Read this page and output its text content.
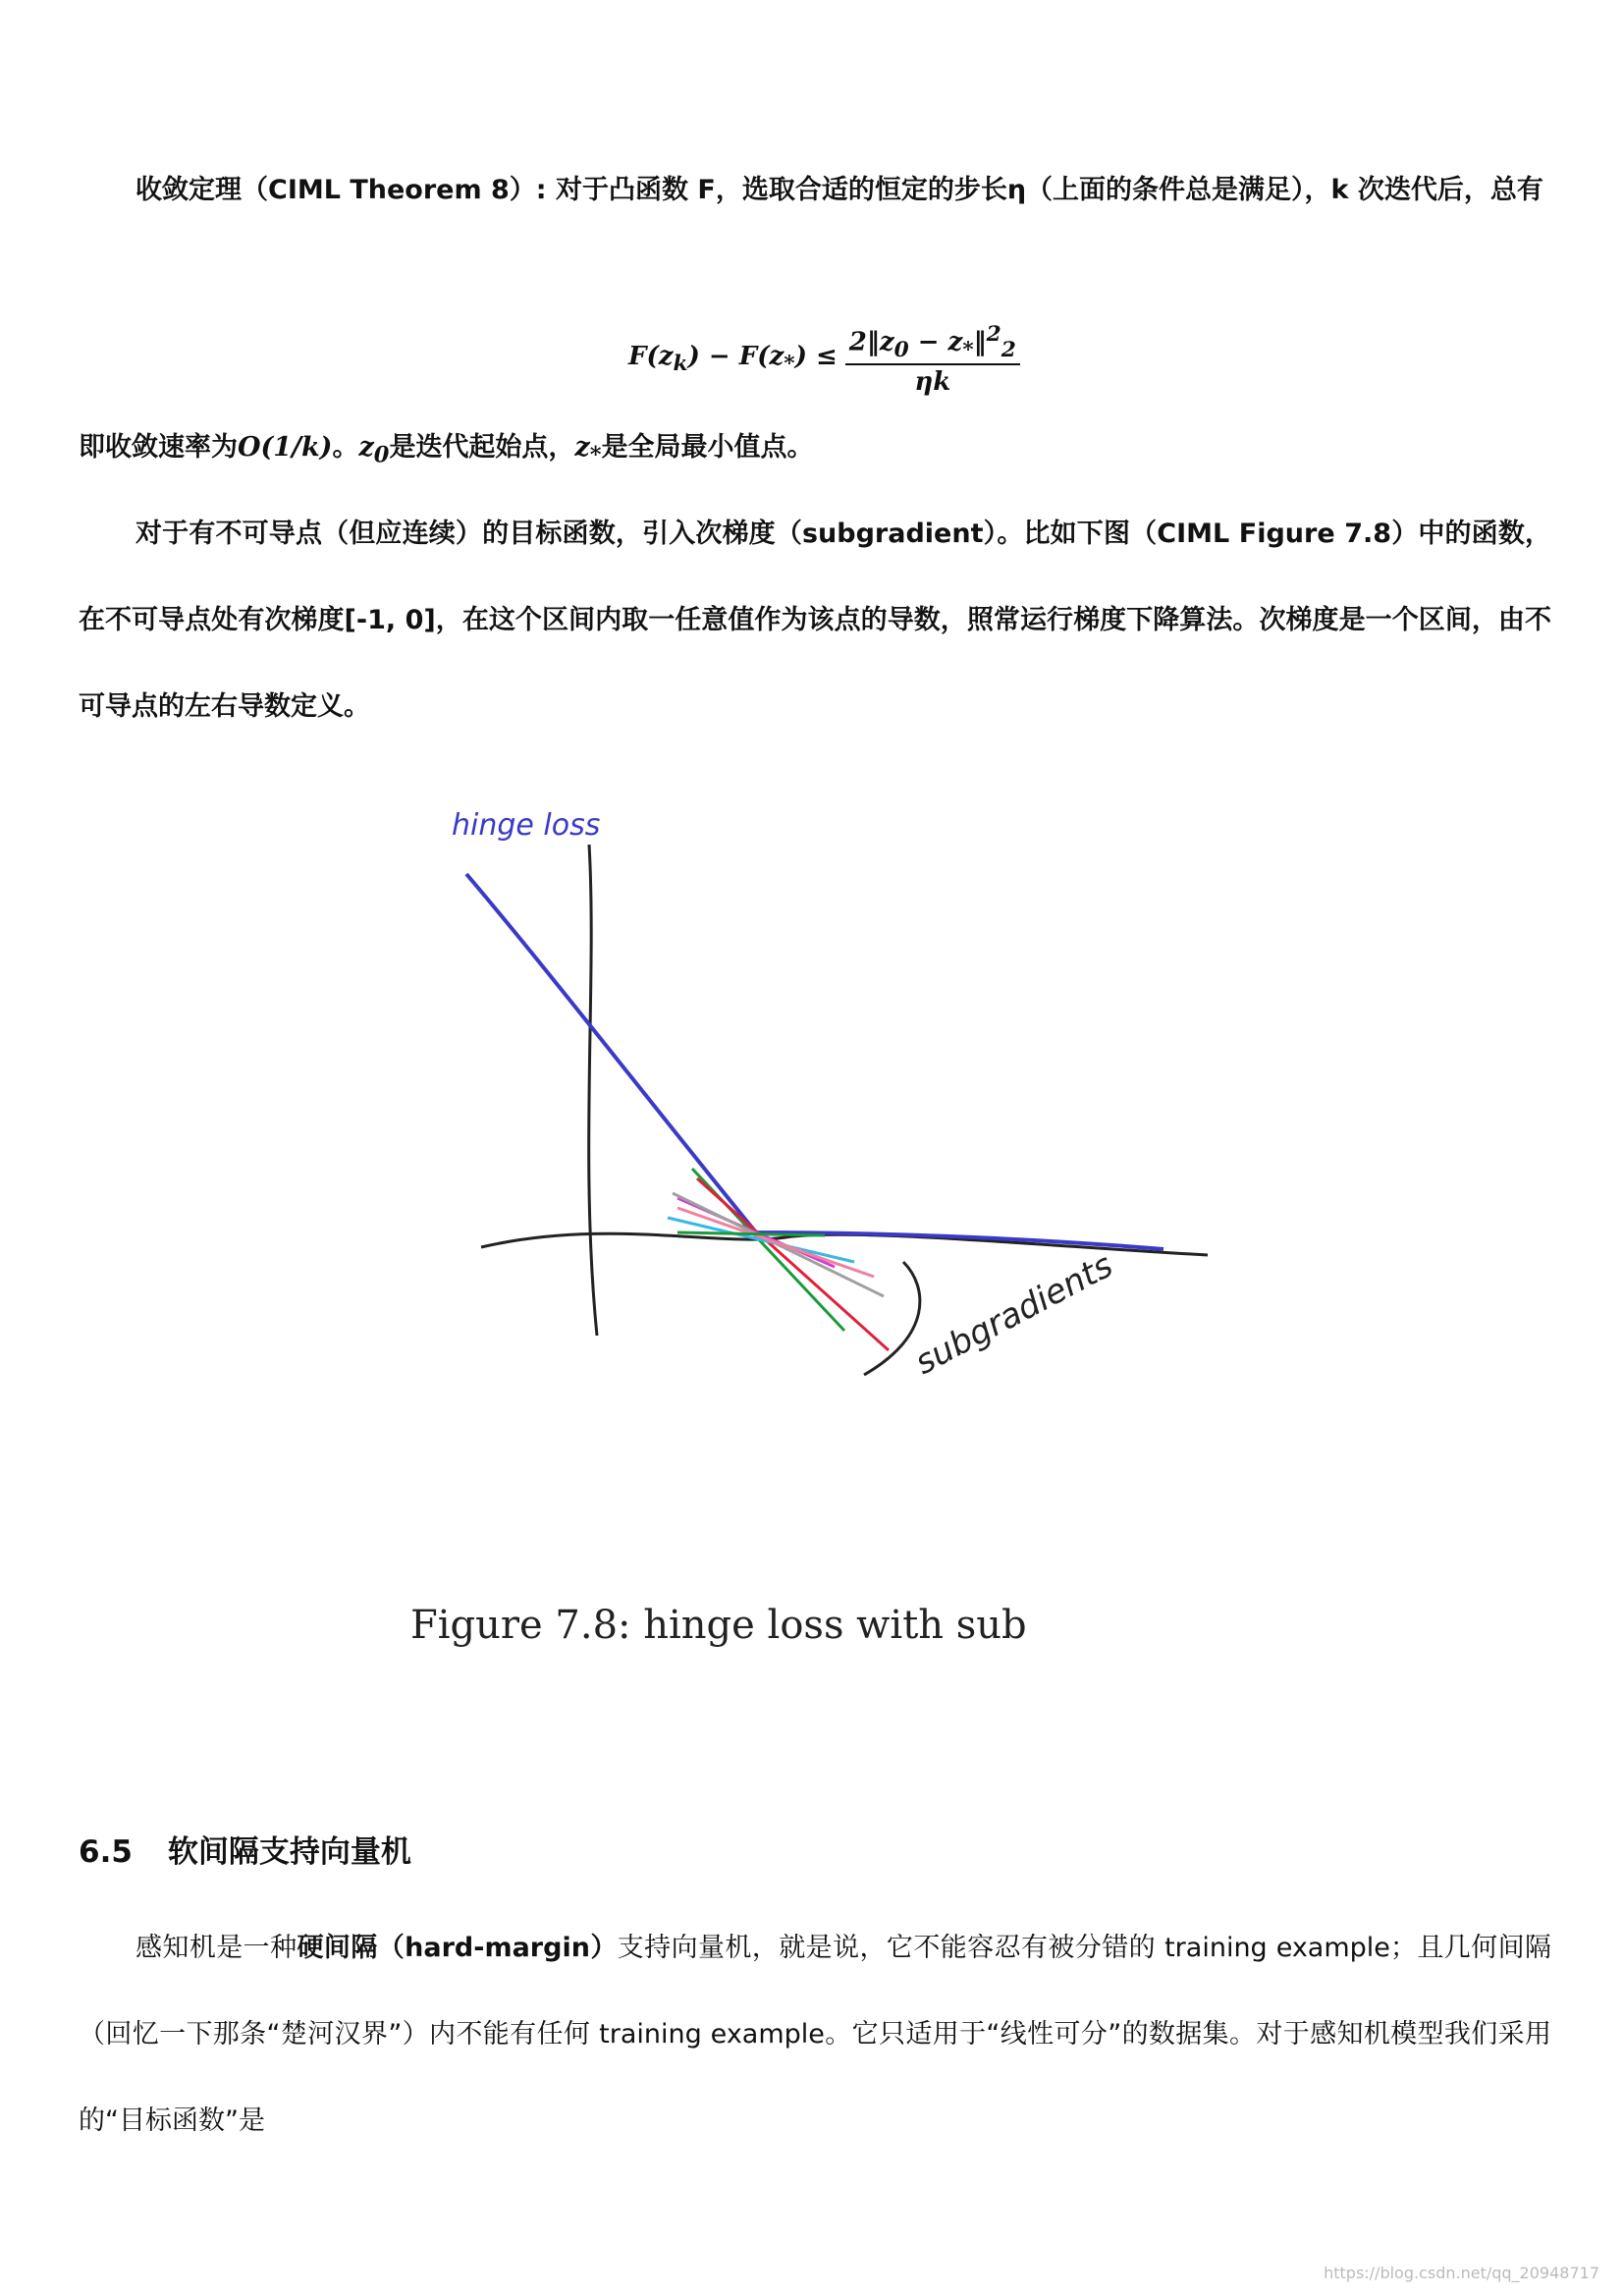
收敛定理（CIML Theorem 8）: 对于凸函数 F，选取合适的恒定的步长η（上面的条件总是满足），k 次迭代后，总有

$F(z_k) - F(z_*) \le \frac{2‖z_0 - z_*‖^2_2}{\eta k}$

即收敛速率为O(1/k)。$z_0$是迭代起始点，$z_*$是全局最小值点。

对于有不可导点（但应连续）的目标函数，引入次梯度（subgradient）。比如下图（CIML Figure 7.8）中的函数，在不可导点处有次梯度[-1, 0]，在这个区间内取一任意值作为该点的导数，照常运行梯度下降算法。次梯度是一个区间，由不可导点的左右导数定义。

hinge loss
subgradients

Figure 7.8: hinge loss with sub

6.5 软间隔支持向量机

感知机是一种硬间隔（hard-margin）支持向量机，就是说，它不能容忍有被分错的 training example；且几何间隔（回忆一下那条“楚河汉界”）内不能有任何 training example。它只适用于“线性可分”的数据集。对于感知机模型我们采用的“目标函数”是

https://blog.csdn.net/qq_20948717
